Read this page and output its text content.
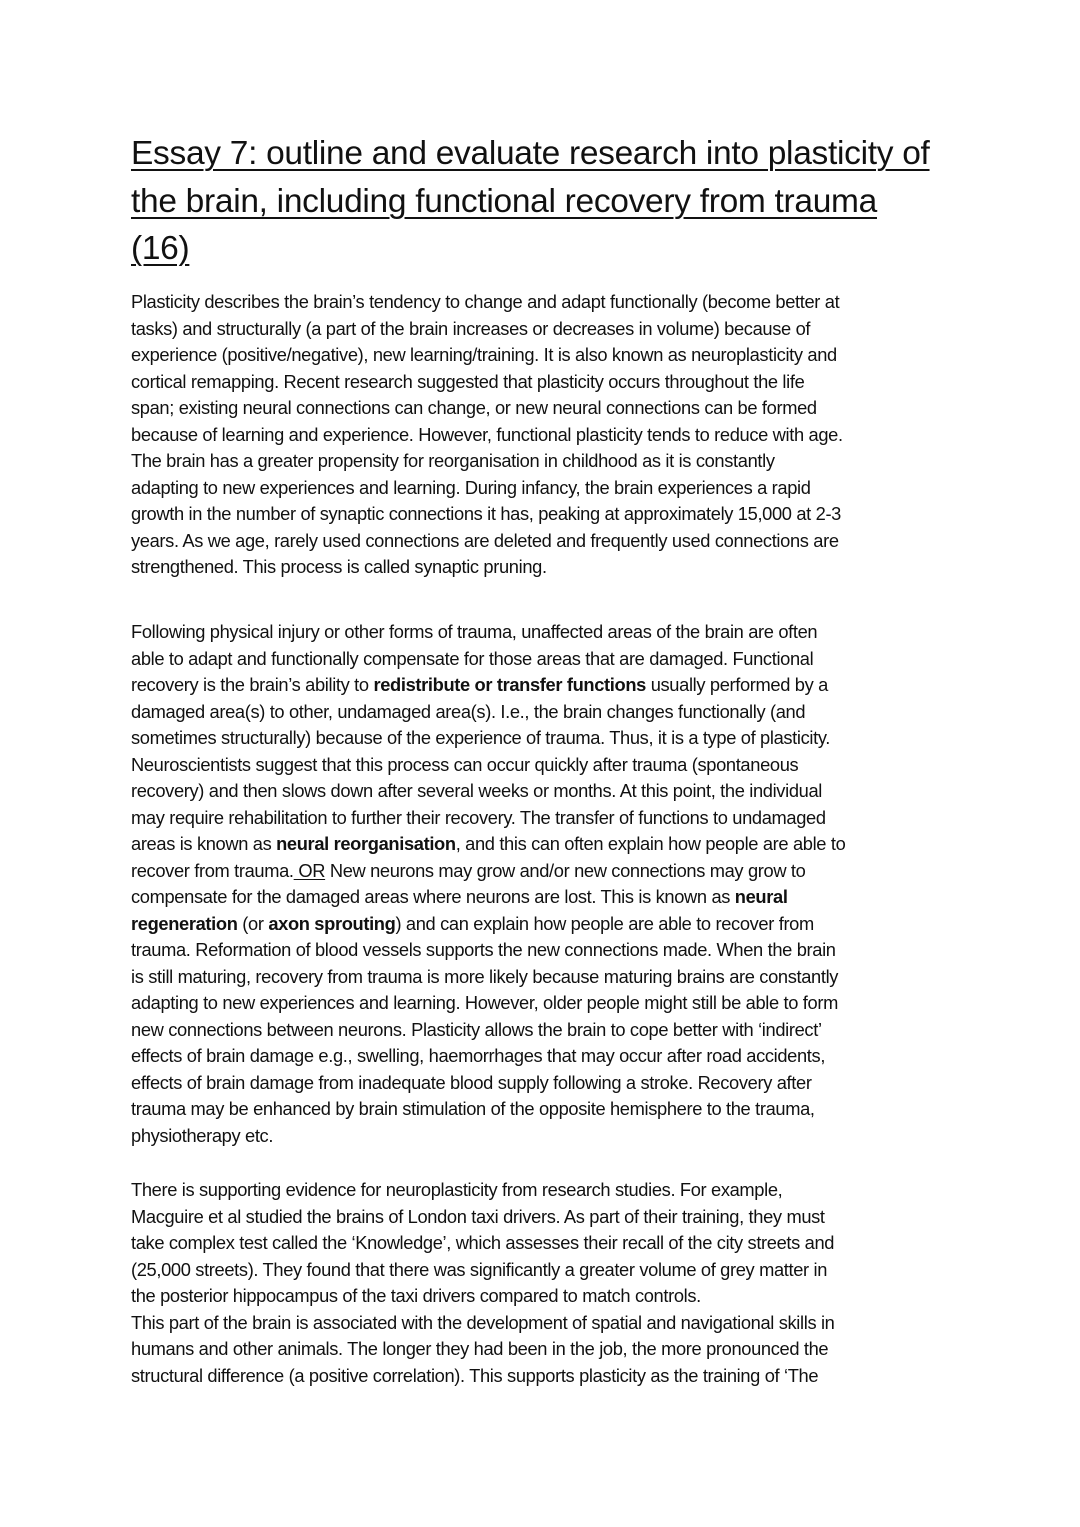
Essay 7: outline and evaluate research into plasticity of
the brain, including functional recovery from trauma
(16)

Plasticity describes the brain’s tendency to change and adapt functionally (become better at
tasks) and structurally (a part of the brain increases or decreases in volume) because of
experience (positive/negative), new learning/training. It is also known as neuroplasticity and
cortical remapping. Recent research suggested that plasticity occurs throughout the life
span; existing neural connections can change, or new neural connections can be formed
because of learning and experience. However, functional plasticity tends to reduce with age.
The brain has a greater propensity for reorganisation in childhood as it is constantly
adapting to new experiences and learning. During infancy, the brain experiences a rapid
growth in the number of synaptic connections it has, peaking at approximately 15,000 at 2-3
years. As we age, rarely used connections are deleted and frequently used connections are
strengthened. This process is called synaptic pruning.

Following physical injury or other forms of trauma, unaffected areas of the brain are often
able to adapt and functionally compensate for those areas that are damaged. Functional
recovery is the brain’s ability to redistribute or transfer functions usually performed by a
damaged area(s) to other, undamaged area(s). I.e., the brain changes functionally (and
sometimes structurally) because of the experience of trauma. Thus, it is a type of plasticity.
Neuroscientists suggest that this process can occur quickly after trauma (spontaneous
recovery) and then slows down after several weeks or months. At this point, the individual
may require rehabilitation to further their recovery. The transfer of functions to undamaged
areas is known as neural reorganisation, and this can often explain how people are able to
recover from trauma. OR New neurons may grow and/or new connections may grow to
compensate for the damaged areas where neurons are lost. This is known as neural
regeneration (or axon sprouting) and can explain how people are able to recover from
trauma. Reformation of blood vessels supports the new connections made. When the brain
is still maturing, recovery from trauma is more likely because maturing brains are constantly
adapting to new experiences and learning. However, older people might still be able to form
new connections between neurons. Plasticity allows the brain to cope better with ‘indirect’
effects of brain damage e.g., swelling, haemorrhages that may occur after road accidents,
effects of brain damage from inadequate blood supply following a stroke. Recovery after
trauma may be enhanced by brain stimulation of the opposite hemisphere to the trauma,
physiotherapy etc.

There is supporting evidence for neuroplasticity from research studies. For example,
Macguire et al studied the brains of London taxi drivers. As part of their training, they must
take complex test called the ‘Knowledge’, which assesses their recall of the city streets and
(25,000 streets). They found that there was significantly a greater volume of grey matter in
the posterior hippocampus of the taxi drivers compared to match controls.
This part of the brain is associated with the development of spatial and navigational skills in
humans and other animals. The longer they had been in the job, the more pronounced the
structural difference (a positive correlation). This supports plasticity as the training of ‘The
